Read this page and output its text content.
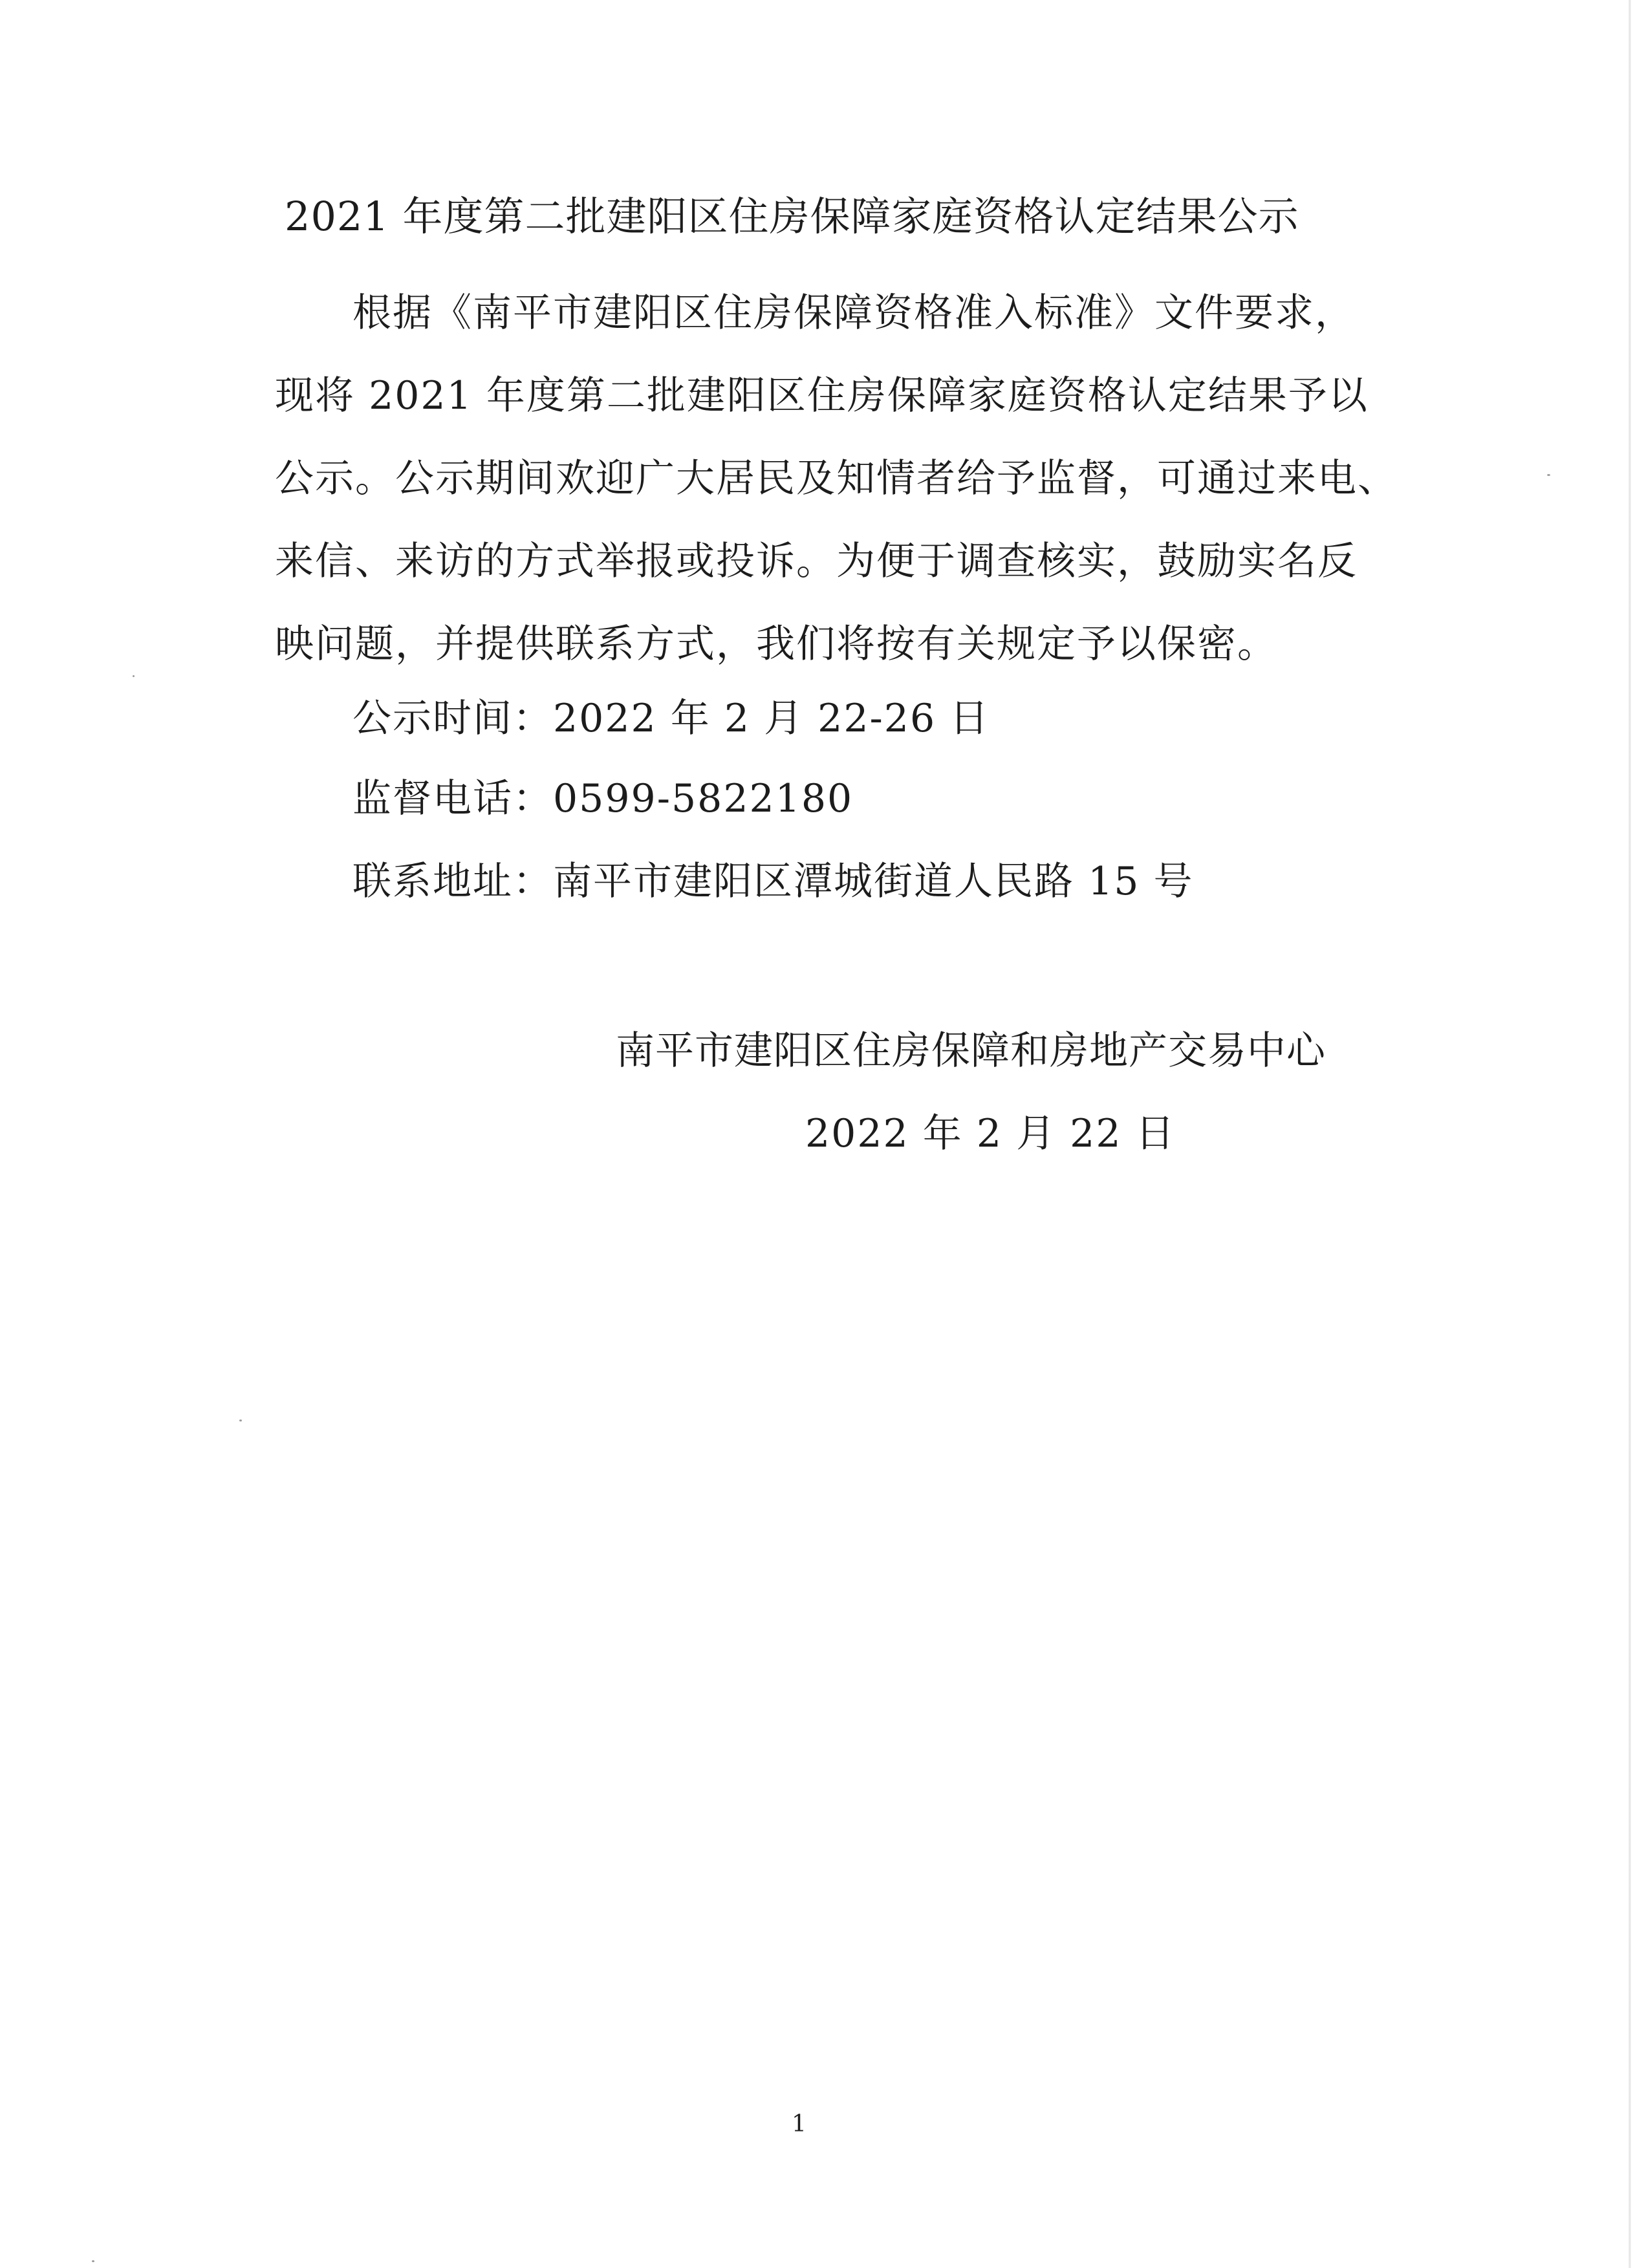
2021 年度第二批建阳区住房保障家庭资格认定结果公示
根据《南平市建阳区住房保障资格准入标准》文件要求，
现将 2021 年度第二批建阳区住房保障家庭资格认定结果予以
公示。公示期间欢迎广大居民及知情者给予监督，可通过来电、
来信、来访的方式举报或投诉。为便于调查核实，鼓励实名反
映问题，并提供联系方式，我们将按有关规定予以保密。
公示时间：2022 年 2 月 22-26 日
监督电话：0599-5822180
联系地址：南平市建阳区潭城街道人民路 15 号
南平市建阳区住房保障和房地产交易中心
2022 年 2 月 22 日
1
